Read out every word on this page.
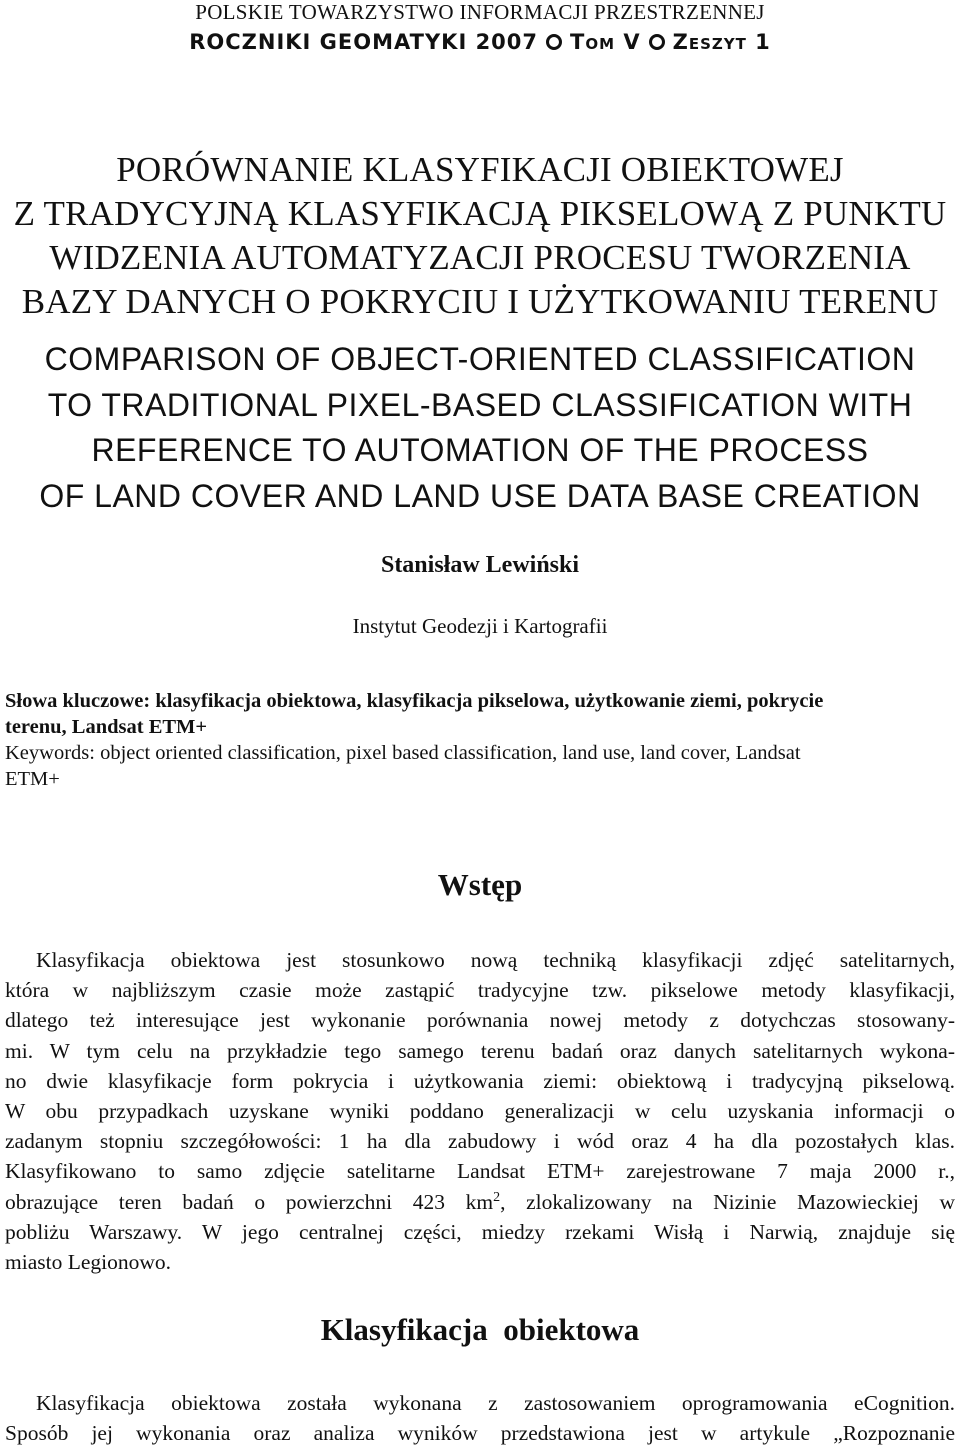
POLSKIE TOWARZYSTWO INFORMACJI PRZESTRZENNEJ
ROCZNIKI GEOMATYKI 2007 Tom V Zeszyt 1
PORÓWNANIE KLASYFIKACJI OBIEKTOWEJ
Z TRADYCYJNĄ KLASYFIKACJĄ PIKSELOWĄ Z PUNKTU
WIDZENIA AUTOMATYZACJI PROCESU TWORZENIA
BAZY DANYCH O POKRYCIU I UŻYTKOWANIU TERENU
COMPARISON OF OBJECT-ORIENTED CLASSIFICATION
TO TRADITIONAL PIXEL-BASED CLASSIFICATION WITH
REFERENCE TO AUTOMATION OF THE PROCESS
OF LAND COVER AND LAND USE DATA BASE CREATION
Stanisław Lewiński
Instytut Geodezji i Kartografii
Słowa kluczowe: klasyfikacja obiektowa, klasyfikacja pikselowa, użytkowanie ziemi, pokrycie
terenu, Landsat ETM+
Keywords: object oriented classification, pixel based classification, land use, land cover, Landsat
ETM+
Wstęp
Klasyfikacja obiektowa jest stosunkowo nową techniką klasyfikacji zdjęć satelitarnych,
która w najbliższym czasie może zastąpić tradycyjne tzw. pikselowe metody klasyfikacji,
dlatego też interesujące jest wykonanie porównania nowej metody z dotychczas stosowany-
mi. W tym celu na przykładzie tego samego terenu badań oraz danych satelitarnych wykona-
no dwie klasyfikacje form pokrycia i użytkowania ziemi: obiektową i tradycyjną pikselową.
W obu przypadkach uzyskane wyniki poddano generalizacji w celu uzyskania informacji o
zadanym stopniu szczegółowości: 1 ha dla zabudowy i wód oraz 4 ha dla pozostałych klas.
Klasyfikowano to samo zdjęcie satelitarne Landsat ETM+ zarejestrowane 7 maja 2000 r.,
obrazujące teren badań o powierzchni 423 $km^2$, zlokalizowany na Nizinie Mazowieckiej w
pobliżu Warszawy. W jego centralnej części, miedzy rzekami Wisłą i Narwią, znajduje się
miasto Legionowo.
Klasyfikacja  obiektowa
Klasyfikacja obiektowa została wykonana z zastosowaniem oprogramowania eCognition.
Sposób jej wykonania oraz analiza wyników przedstawiona jest w artykule „Rozpoznanie
